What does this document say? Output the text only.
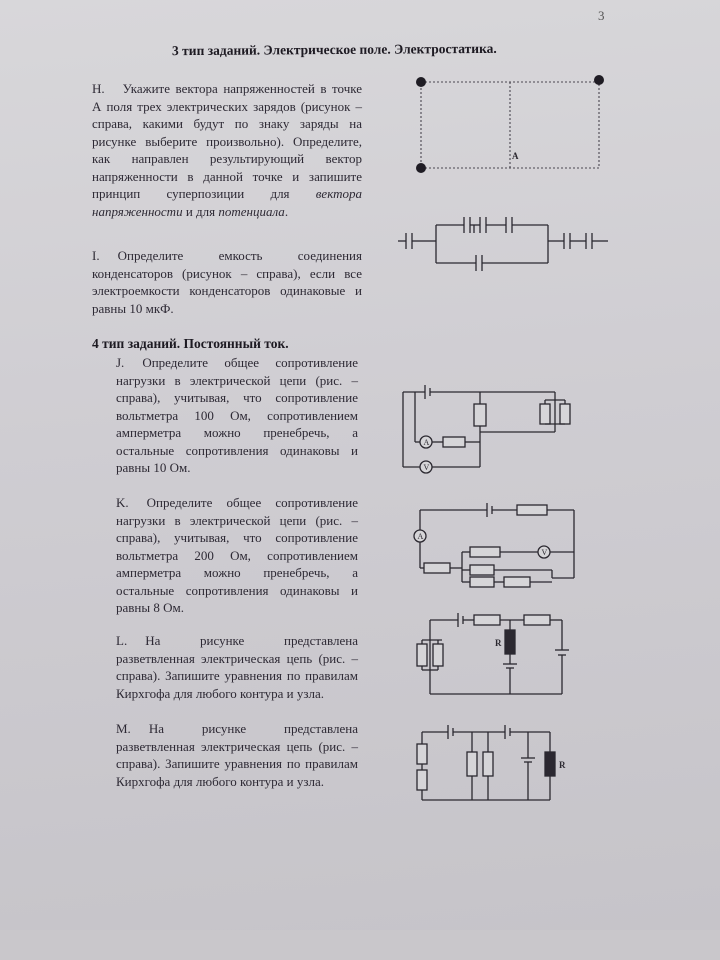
3
3 тип заданий. Электрическое поле. Электростатика.
H. Укажите вектора напряженностей в точке А поля трех электрических зарядов (рисунок – справа, какими будут по знаку заряды на рисунке выберите произвольно). Определите, как направлен результирующий вектор напряженности в данной точке и запишите принцип суперпозиции для вектора напряженности и для потенциала.
I. Определите емкость соединения конденсаторов (рисунок – справа), если все электроемкости конденсаторов одинаковые и равны 10 мкФ.
A
4 тип заданий. Постоянный ток.
J. Определите общее сопротивление нагрузки в электрической цепи (рис. – справа), учитывая, что сопротивление вольтметра 100 Ом, сопротивлением амперметра можно пренебречь, а остальные сопротивления одинаковы и равны 10 Ом.
K. Определите общее сопротивление нагрузки в электрической цепи (рис. – справа), учитывая, что сопротивление вольтметра 200 Ом, сопротивлением амперметра можно пренебречь, а остальные сопротивления одинаковы и равны 8 Ом.
L. На рисунке представлена разветвленная электрическая цепь (рис. – справа). Запишите уравнения по правилам Кирхгофа для любого контура и узла.
M. На рисунке представлена разветвленная электрическая цепь (рис. – справа). Запишите уравнения по правилам Кирхгофа для любого контура и узла.
V
A
A
V
R
R
